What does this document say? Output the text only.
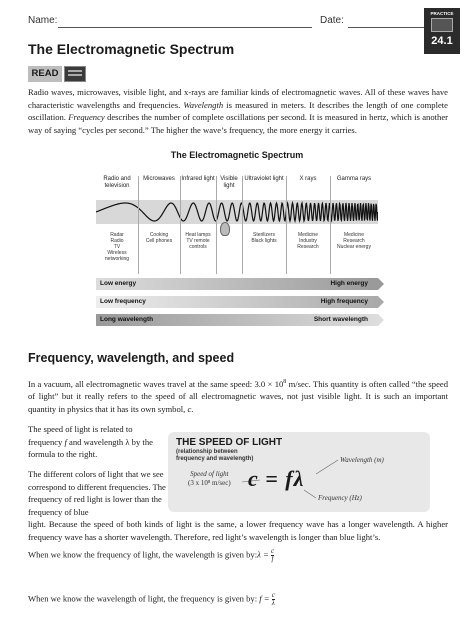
Name:	Date:
PRACTICE
24.1
The Electromagnetic Spectrum
READ

Radio waves, microwaves, visible light, and x-rays are familiar kinds of electromagnetic waves. All of these waves have characteristic wavelengths and frequencies. Wavelength is measured in meters. It describes the length of one complete oscillation. Frequency describes the number of complete oscillations per second. It is measured in hertz, which is another way of saying “cycles per second.” The higher the wave’s frequency, the more energy it carries.

The Electromagnetic Spectrum
Radio and television
Radar
Radio
TV
Wireless networking
Microwaves
Cooking
Cell phones
Infrared light
Heat lamps
TV remote controls
Visible light
Ultraviolet light
Sterilizers
Black lights
X rays
Medicine
Industry
Research
Gamma rays
Medicine
Research
Nuclear energy
Low energy	High energy
Low frequency	High frequency
Long wavelength	Short wavelength
Frequency, wavelength, and speed

In a vacuum, all electromagnetic waves travel at the same speed: $3.0 \times 10^8$ m/sec. This quantity is often called “the speed of light” but it really refers to the speed of all electromagnetic waves, not just visible light. It is such an important quantity in physics that it has its own symbol, c.

The speed of light is related to frequency f and wavelength λ by the formula to the right.

The different colors of light that we see correspond to different frequencies. The frequency of red light is lower than the frequency of blue

light. Because the speed of both kinds of light is the same, a lower frequency wave has a longer wavelength. A higher frequency wave has a shorter wavelength. Therefore, red light’s wavelength is longer than blue light’s.

When we know the frequency of light, the wavelength is given by:λ = $\frac{c}{f}$

When we know the wavelength of light, the frequency is given by: $f = \frac{c}{\lambda}$

THE SPEED OF LIGHT
(relationship between
frequency and wavelength)
Speed of light
(3 x 10⁸ m/sec) c = fλ
Wavelength (m)
Frequency (Hz)
